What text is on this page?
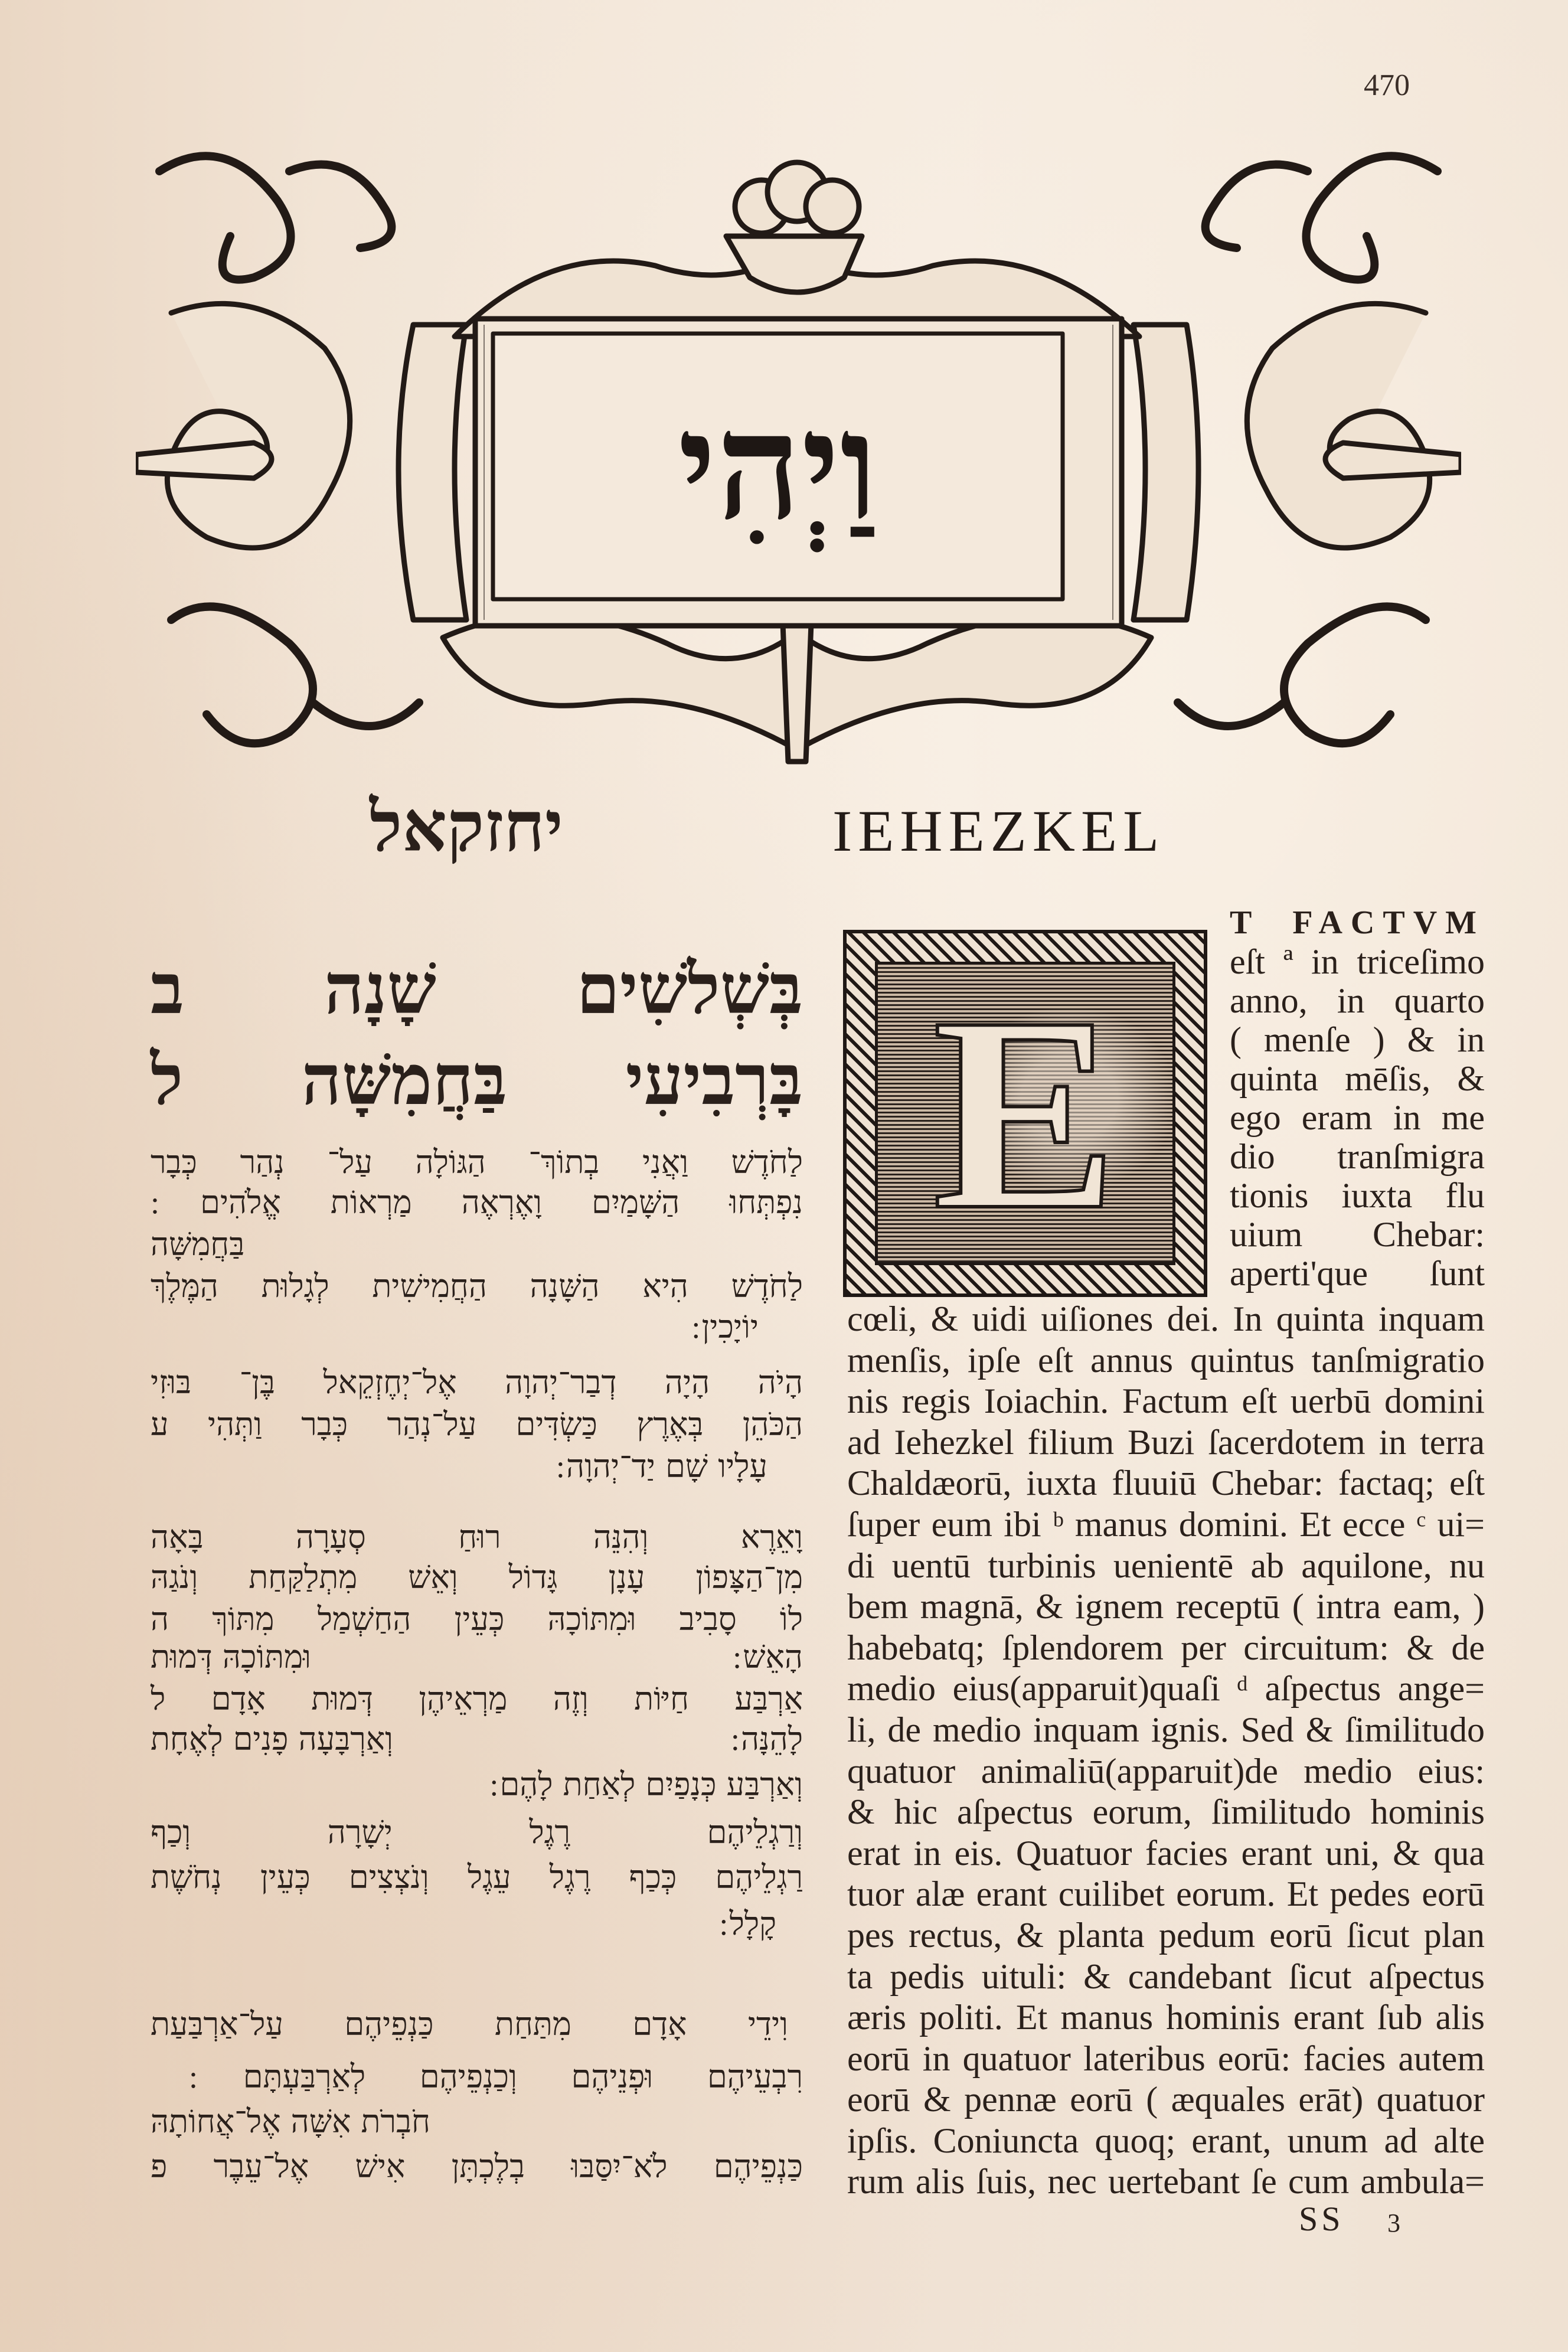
470
וַיְהִי
יחזקאל
בְּשְׁלשִׁים שָׁנָה ב
בָּרְבִיעִי בַּחֲמִשָּׁה ל
לַחֹדֶשׁ וַאֲנִי בְתוֹךְ־ הַגּוֹלָה עַל־ נְהַר כְּבָר
נִפְתְּחוּ הַשָּׁמַיִם וָאֶרְאֶה מַרְאוֹת אֱלֹהִים ׃
בַּחֲמִשָּׁה
לַחֹדֶשׁ הִיא הַשָּׁנָה הַחֲמִישִׁית לְגָלוּת הַמֶּלֶךְ
יוֹיָכִין ׃
הָיֹה הָיָה דְבַר־יְהוָה אֶל־יְחֶזְקֵאל בֶּן־ בּוּזִי
הַכֹּהֵן בְּאֶרֶץ כַּשְׂדִּים עַל־נְהַר כְּבָר וַתְּהִי ע
עָלָיו שָׁם יַד־יְהוָה ׃
וָאֵרֶא וְהִנֵּה רוּחַ סְעָרָה בָּאָה
מִן־הַצָּפוֹן עָנָן גָּדוֹל וְאֵשׁ מִתְלַקַּחַת וְנֹגַהּ
לוֹ סָבִיב וּמִתּוֹכָהּ כְּעֵין הַחַשְׁמַל מִתּוֹךְ ה
הָאֵשׁ ׃
וּמִתּוֹכָהּ דְּמוּת
אַרְבַּע חַיּוֹת וְזֶה מַרְאֵיהֶן דְּמוּת אָדָם ל
לָהֵנָּה ׃
וְאַרְבָּעָה פָנִים לְאֶחָת
וְאַרְבַּע כְּנָפַיִם לְאַחַת לָהֶם ׃
וְרַגְלֵיהֶם רֶגֶל יְשָׁרָה וְכַף
רַגְלֵיהֶם כְּכַף רֶגֶל עֵגֶל וְנֹצְצִים כְּעֵין נְחֹשֶׁת
קָלָל ׃
וִידֵי אָדָם מִתַּחַת כַּנְפֵיהֶם עַל־אַרְבַּעַת
רִבְעֵיהֶם וּפְנֵיהֶם וְכַנְפֵיהֶם לְאַרְבַּעְתָּם ׃
חֹבְרֹת אִשָּׁה אֶל־אֲחוֹתָהּ
כַּנְפֵיהֶם לֹא־יִסַּבּוּ בְלֶכְתָּן אִישׁ אֶל־עֵבֶר פ
IEHEZKEL
E
T FACTVM
eſt ª in triceſimo
anno, in quarto
( menſe ) & in
quinta mēſis, &
ego eram in me
dio tranſmigra
tionis iuxta flu
uium Chebar:
aperti'que ſunt
cœli, & uidi uiſiones dei. In quinta inquam
menſis, ipſe eſt annus quintus tanſmigratio
nis regis Ioiachin. Factum eſt uerbū domini
ad Iehezkel filium Buzi ſacerdotem in terra
Chaldæorū, iuxta fluuiū Chebar: factaq; eſt
ſuper eum ibi ᵇ manus domini. Et ecce ᶜ ui=
di uentū turbinis uenientē ab aquilone, nu
bem magnā, & ignem receptū ( intra eam, )
habebatq; ſplendorem per circuitum: & de
medio eius(apparuit)quaſi ᵈ aſpectus ange=
li, de medio inquam ignis. Sed & ſimilitudo
quatuor animaliū(apparuit)de medio eius:
& hic aſpectus eorum, ſimilitudo hominis
erat in eis. Quatuor facies erant uni, & qua
tuor alæ erant cuilibet eorum. Et pedes eorū
pes rectus, & planta pedum eorū ſicut plan
ta pedis uituli: & candebant ſicut aſpectus
æris politi. Et manus hominis erant ſub alis
eorū in quatuor lateribus eorū: facies autem
eorū & pennæ eorū ( æquales erāt) quatuor
ipſis. Coniuncta quoq; erant, unum ad alte
rum alis ſuis, nec uertebant ſe cum ambula=
SS 3
